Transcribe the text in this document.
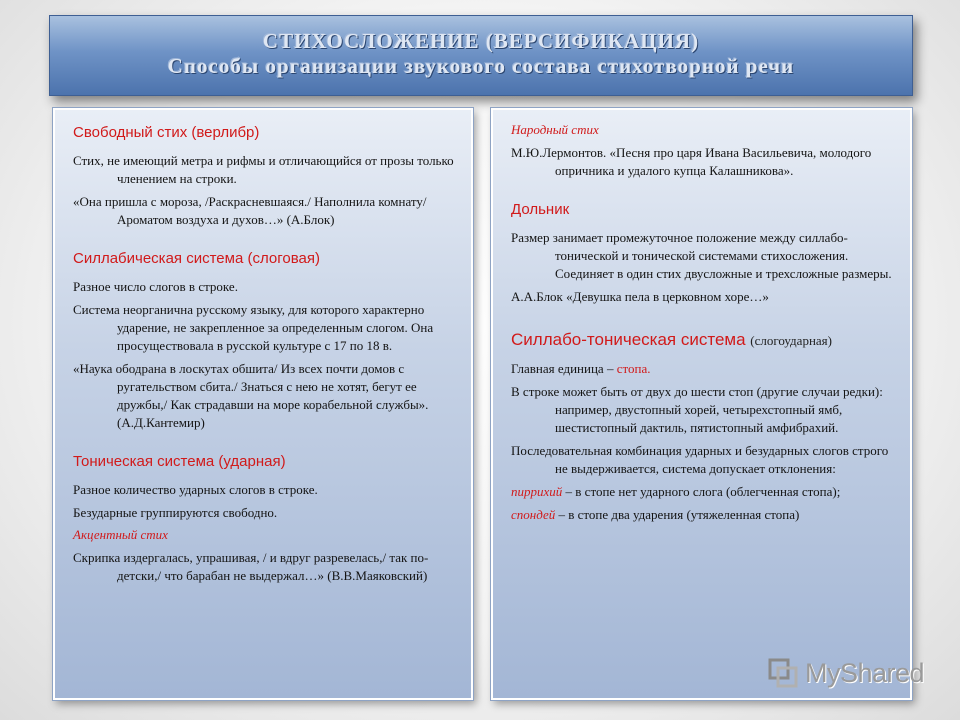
СТИХОСЛОЖЕНИЕ (ВЕРСИФИКАЦИЯ)
Способы организации звукового состава стихотворной речи
Свободный стих (верлибр)
Стих, не имеющий метра и рифмы и отличающийся от прозы только членением на строки.
«Она пришла с мороза, /Раскрасневшаяся./ Наполнила комнату/ Ароматом воздуха и духов…» (А.Блок)
Силлабическая система (слоговая)
Разное число слогов в строке.
Система неорганична русскому языку, для которого характерно ударение, не закрепленное за определенным слогом. Она просуществовала в русской культуре с 17 по 18 в.
«Наука ободрана в лоскутах обшита/ Из всех почти домов с ругательством сбита./ Знаться с нею не хотят, бегут ее дружбы,/ Как страдавши на море корабельной службы». (А.Д.Кантемир)
Тоническая система (ударная)
Разное количество ударных слогов в строке.
Безударные группируются свободно.
Акцентный стих
Скрипка издергалась, упрашивая, / и вдруг разревелась,/ так по-детски,/ что барабан не выдержал…» (В.В.Маяковский)
Народный стих
М.Ю.Лермонтов. «Песня про царя Ивана Васильевича, молодого опричника и удалого купца Калашникова».
Дольник
Размер занимает промежуточное положение между силлабо-тонической и тонической системами стихосложения. Соединяет в один стих двусложные и трехсложные размеры.
А.А.Блок «Девушка пела в церковном хоре…»
Силлабо-тоническая система (слогоударная)
Главная единица – стопа.
В строке может быть от двух до шести стоп (другие случаи редки): например, двустопный хорей, четырехстопный ямб, шестистопный дактиль, пятистопный амфибрахий.
Последовательная комбинация ударных и безударных слогов строго не выдерживается, система допускает отклонения:
пиррихий – в стопе нет ударного слога (облегченная стопа);
спондей – в стопе два ударения (утяжеленная стопа)
MyShared
